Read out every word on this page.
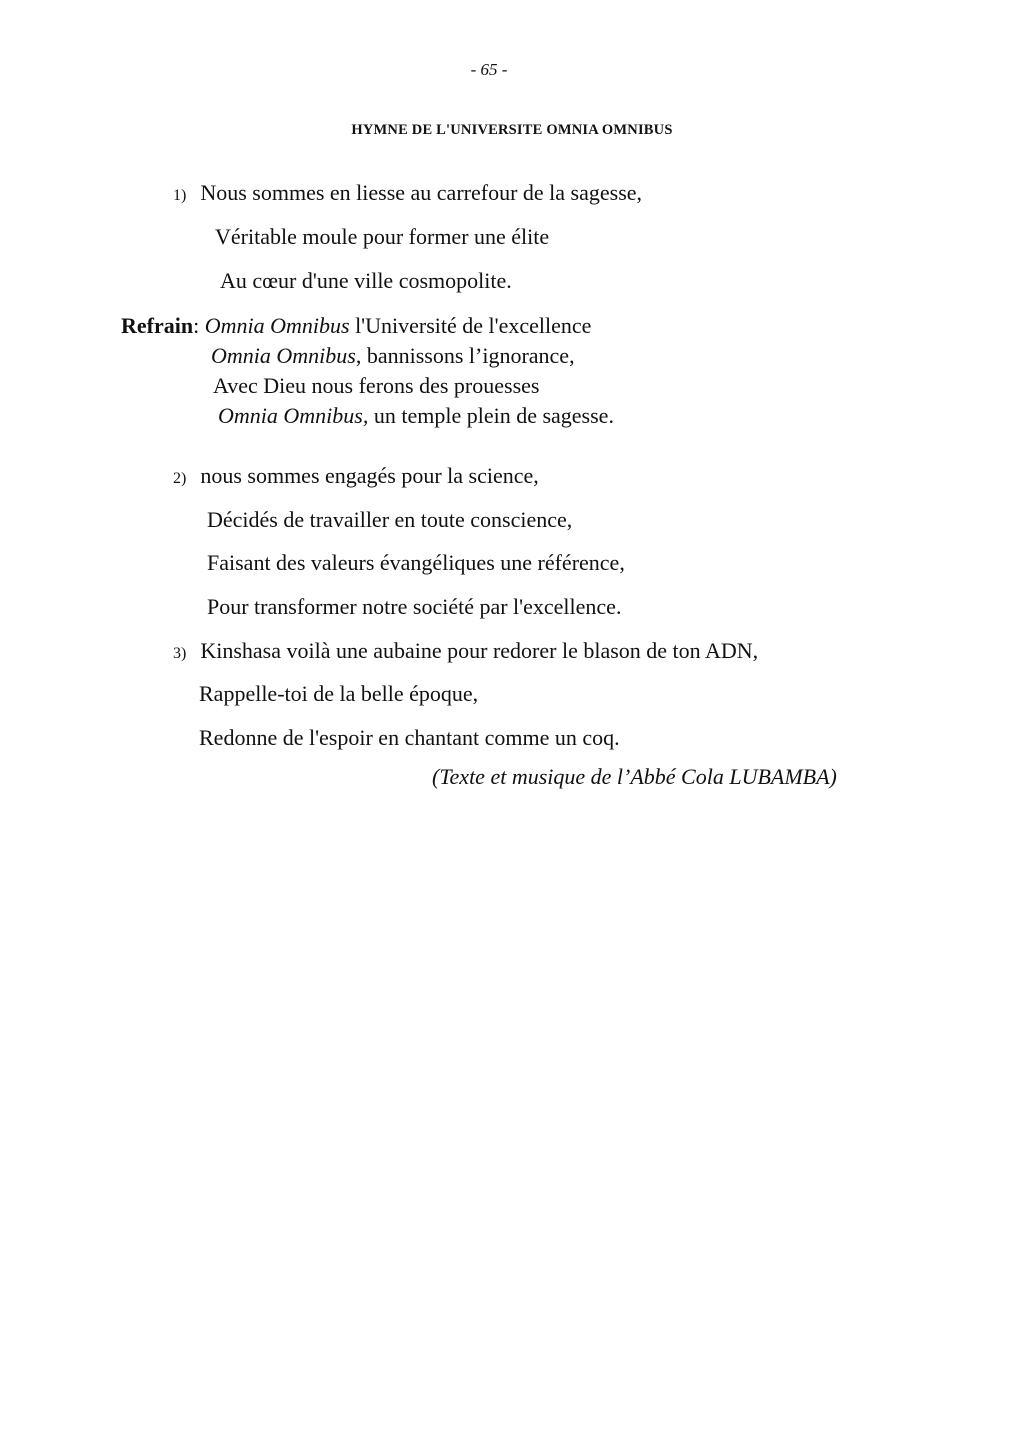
- 65 -
HYMNE DE L'UNIVERSITE OMNIA OMNIBUS
1) Nous sommes en liesse au carrefour de la sagesse,
Véritable moule pour former une élite
Au cœur d'une ville cosmopolite.
Refrain: Omnia Omnibus l'Université de l'excellence
Omnia Omnibus, bannissons l’ignorance,
Avec Dieu nous ferons des prouesses
Omnia Omnibus, un temple plein de sagesse.
2) nous sommes engagés pour la science,
Décidés de travailler en toute conscience,
Faisant des valeurs évangéliques une référence,
Pour transformer notre société par l'excellence.
3) Kinshasa voilà une aubaine pour redorer le blason de ton ADN,
Rappelle-toi de la belle époque,
Redonne de l'espoir en chantant comme un coq.
(Texte et musique de l’Abbé Cola LUBAMBA)
